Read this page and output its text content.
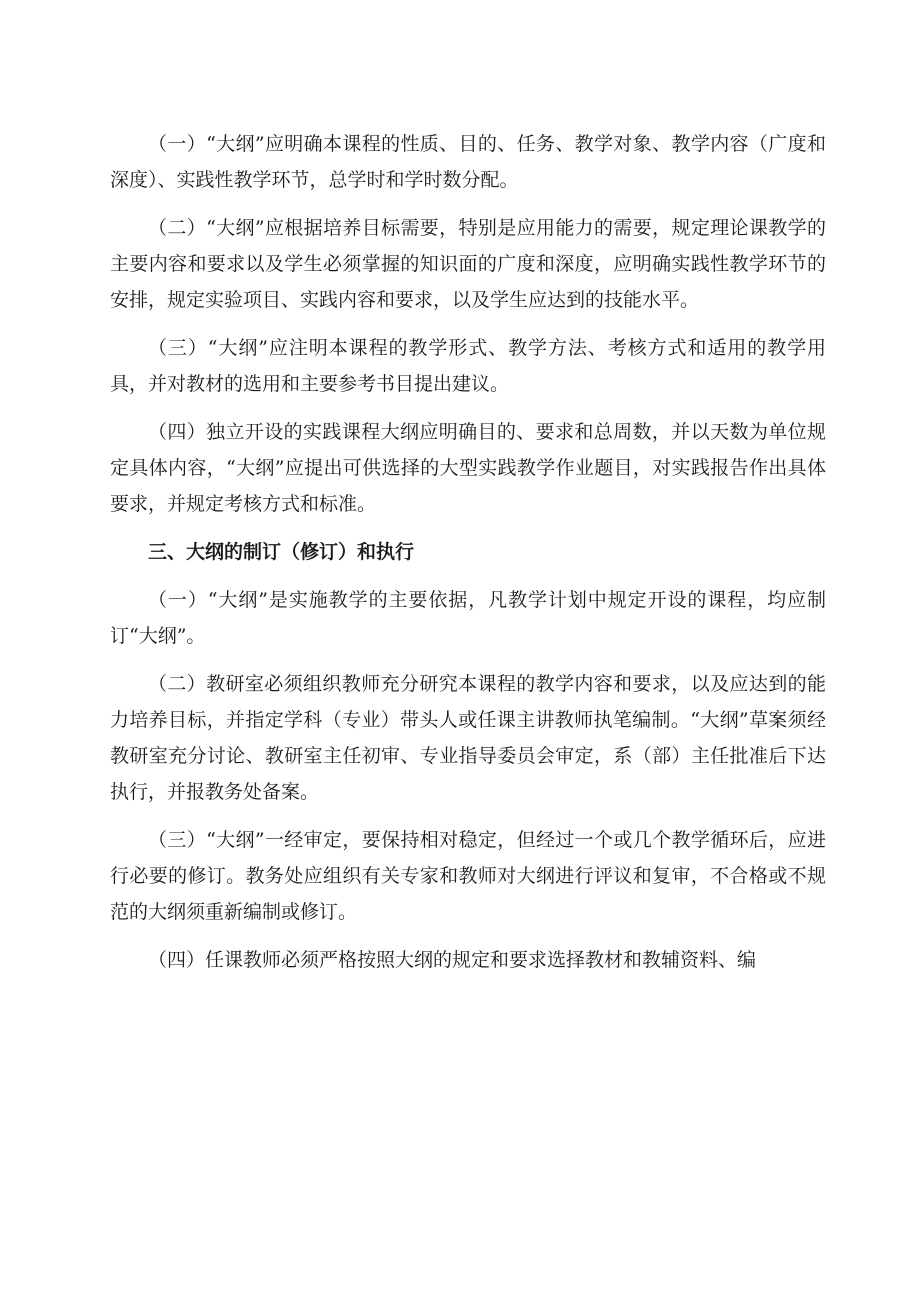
（一）“大纲”应明确本课程的性质、目的、任务、教学对象、教学内容（广度和深度）、实践性教学环节，总学时和学时数分配。

（二）“大纲”应根据培养目标需要，特别是应用能力的需要，规定理论课教学的主要内容和要求以及学生必须掌握的知识面的广度和深度，应明确实践性教学环节的安排，规定实验项目、实践内容和要求，以及学生应达到的技能水平。

（三）“大纲”应注明本课程的教学形式、教学方法、考核方式和适用的教学用具，并对教材的选用和主要参考书目提出建议。

（四）独立开设的实践课程大纲应明确目的、要求和总周数，并以天数为单位规定具体内容，“大纲”应提出可供选择的大型实践教学作业题目，对实践报告作出具体要求，并规定考核方式和标准。

三、大纲的制订（修订）和执行

（一）“大纲”是实施教学的主要依据，凡教学计划中规定开设的课程，均应制订“大纲”。

（二）教研室必须组织教师充分研究本课程的教学内容和要求，以及应达到的能力培养目标，并指定学科（专业）带头人或任课主讲教师执笔编制。“大纲”草案须经教研室充分讨论、教研室主任初审、专业指导委员会审定，系（部）主任批准后下达执行，并报教务处备案。

（三）“大纲”一经审定，要保持相对稳定，但经过一个或几个教学循环后，应进行必要的修订。教务处应组织有关专家和教师对大纲进行评议和复审，不合格或不规范的大纲须重新编制或修订。

（四）任课教师必须严格按照大纲的规定和要求选择教材和教辅资料、编
